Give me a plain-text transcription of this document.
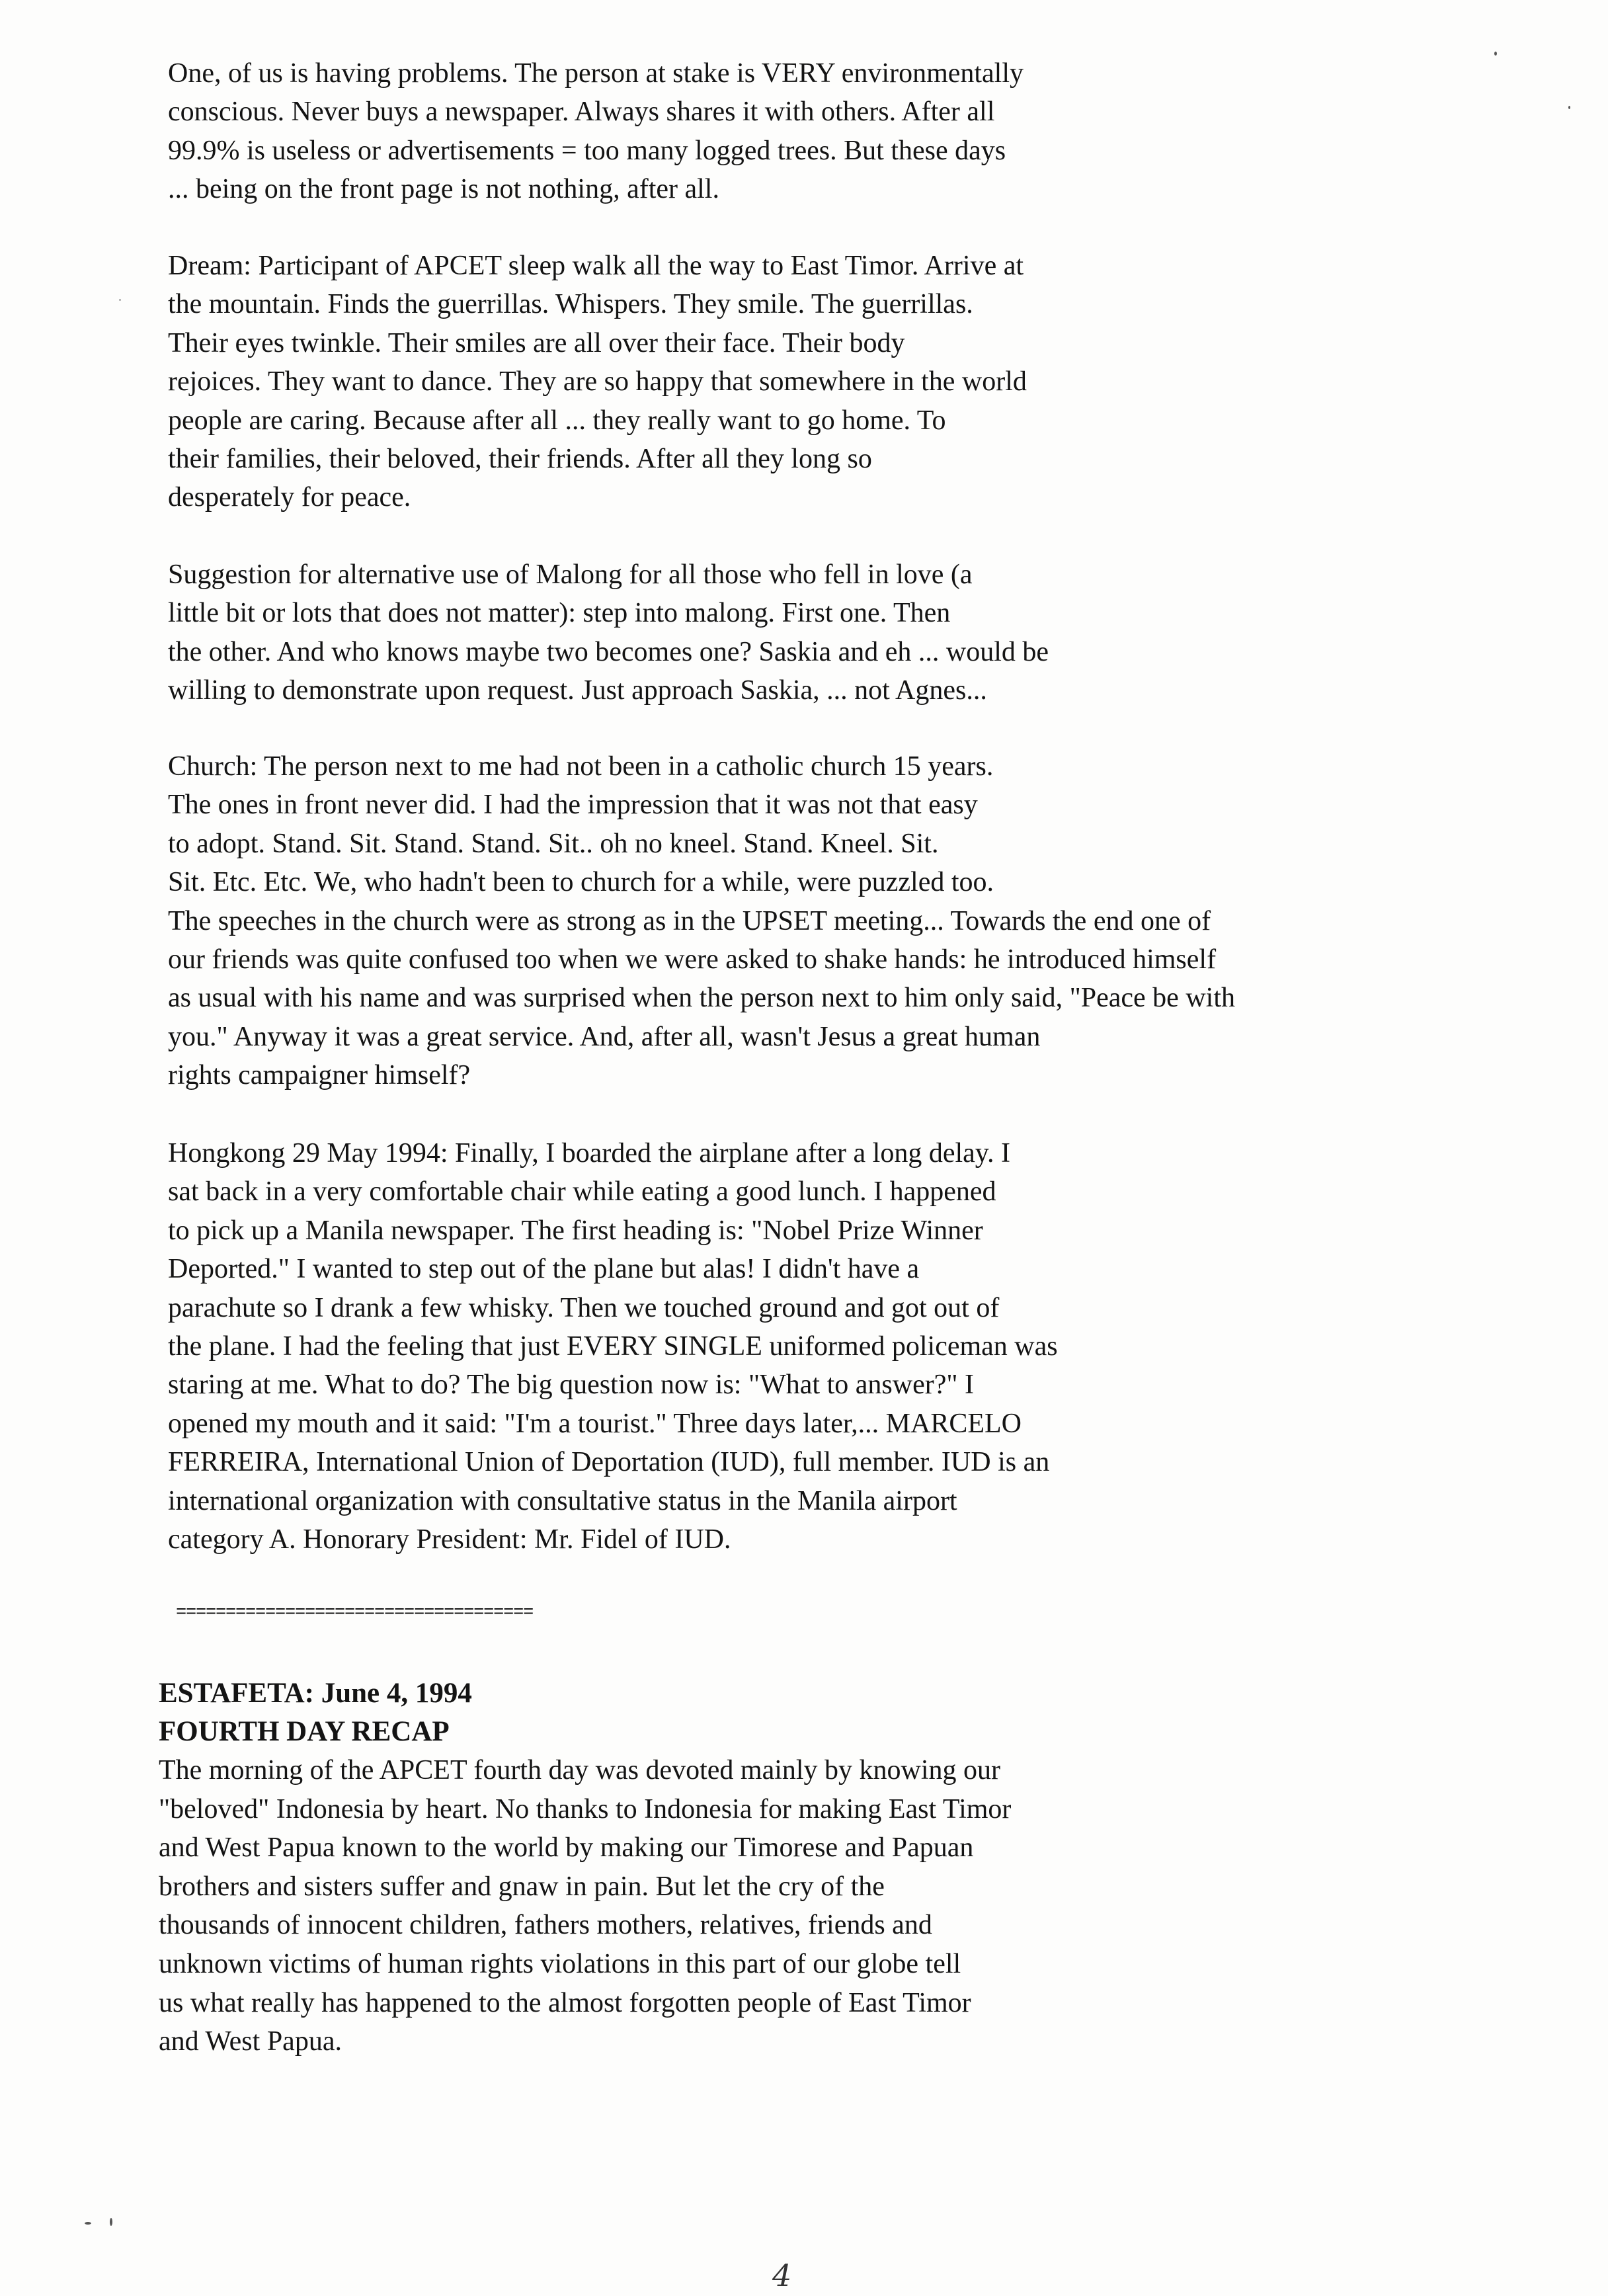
One, of us is having problems. The person at stake is VERY environmentally
conscious. Never buys a newspaper. Always shares it with others. After all
99.9% is useless or advertisements = too many logged trees. But these days
... being on the front page is not nothing, after all.
Dream: Participant of APCET sleep walk all the way to East Timor. Arrive at
the mountain. Finds the guerrillas. Whispers. They smile. The guerrillas.
Their eyes twinkle. Their smiles are all over their face. Their body
rejoices. They want to dance. They are so happy that somewhere in the world
people are caring. Because after all ... they really want to go home. To
their families, their beloved, their friends. After all they long so
desperately for peace.
Suggestion for alternative use of Malong for all those who fell in love (a
little bit or lots that does not matter): step into malong. First one. Then
the other. And who knows maybe two becomes one? Saskia and eh ... would be
willing to demonstrate upon request. Just approach Saskia, ... not Agnes...
Church: The person next to me had not been in a catholic church 15 years.
The ones in front never did. I had the impression that it was not that easy
to adopt. Stand. Sit. Stand. Stand. Sit.. oh no kneel. Stand. Kneel. Sit.
Sit. Etc. Etc. We, who hadn't been to church for a while, were puzzled too.
The speeches in the church were as strong as in the UPSET meeting... Towards the end one of
our friends was quite confused too when we were asked to shake hands: he introduced himself
as usual with his name and was surprised when the person next to him only said, "Peace be with
you." Anyway it was a great service. And, after all, wasn't Jesus a great human
rights campaigner himself?
Hongkong 29 May 1994: Finally, I boarded the airplane after a long delay. I
sat back in a very comfortable chair while eating a good lunch. I happened
to pick up a Manila newspaper. The first heading is: "Nobel Prize Winner
Deported." I wanted to step out of the plane but alas! I didn't have a
parachute so I drank a few whisky. Then we touched ground and got out of
the plane. I had the feeling that just EVERY SINGLE uniformed policeman was
staring at me. What to do? The big question now is: "What to answer?" I
opened my mouth and it said: "I'm a tourist." Three days later,... MARCELO
FERREIRA, International Union of Deportation (IUD), full member. IUD is an
international organization with consultative status in the Manila airport
category A. Honorary President: Mr. Fidel of IUD.
====================================
ESTAFETA: June 4, 1994
FOURTH DAY RECAP
The morning of the APCET fourth day was devoted mainly by knowing our
"beloved" Indonesia by heart. No thanks to Indonesia for making East Timor
and West Papua known to the world by making our Timorese and Papuan
brothers and sisters suffer and gnaw in pain. But let the cry of the
thousands of innocent children, fathers mothers, relatives, friends and
unknown victims of human rights violations in this part of our globe tell
us what really has happened to the almost forgotten people of East Timor
and West Papua.
4
